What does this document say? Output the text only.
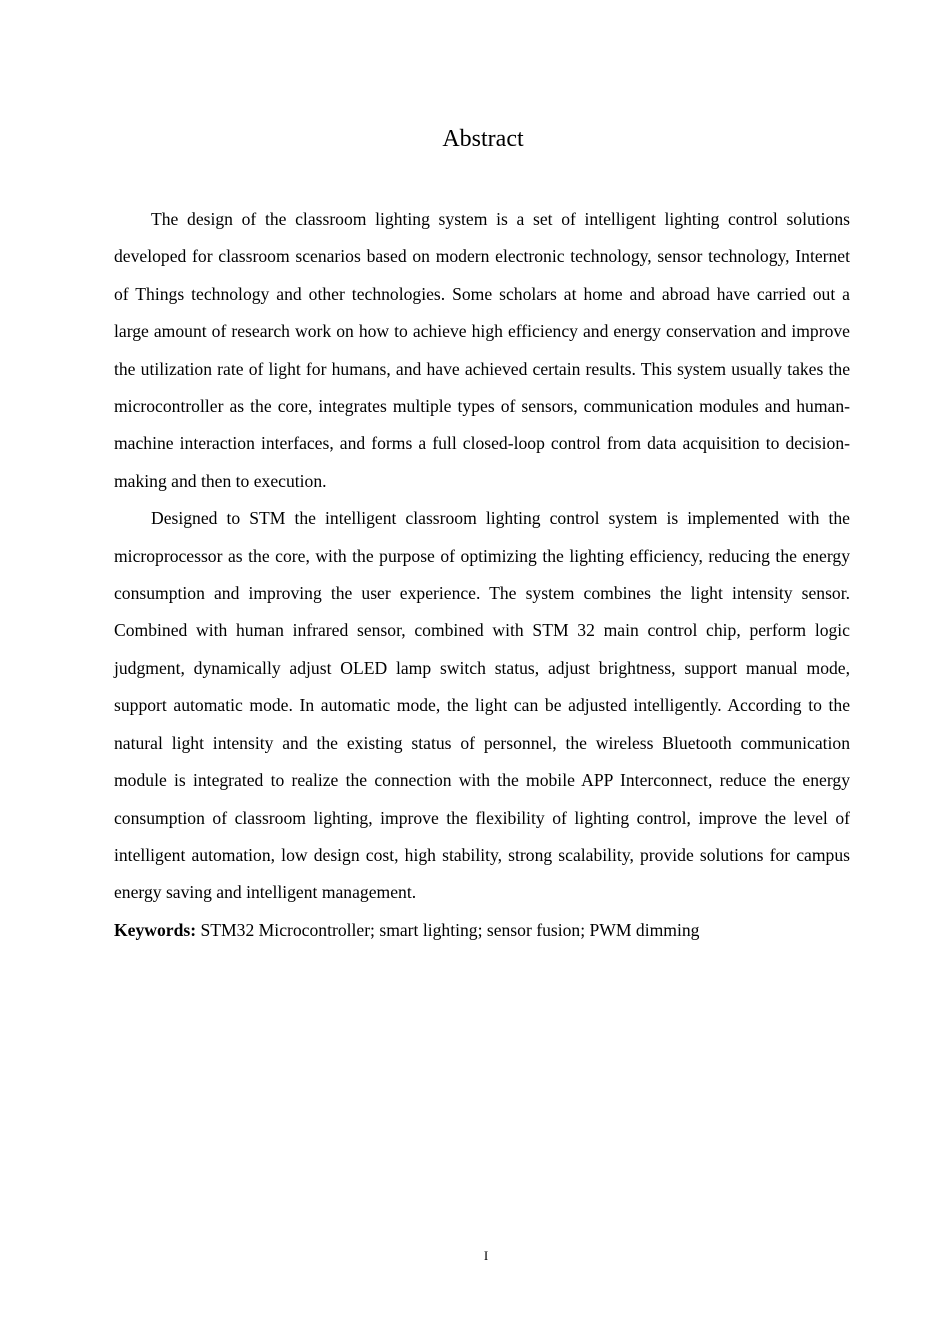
Abstract

The design of the classroom lighting system is a set of intelligent lighting control solutions developed for classroom scenarios based on modern electronic technology, sensor technology, Internet of Things technology and other technologies. Some scholars at home and abroad have carried out a large amount of research work on how to achieve high efficiency and energy conservation and improve the utilization rate of light for humans, and have achieved certain results. This system usually takes the microcontroller as the core, integrates multiple types of sensors, communication modules and human-machine interaction interfaces, and forms a full closed-loop control from data acquisition to decision-making and then to execution.

Designed to STM the intelligent classroom lighting control system is implemented with the microprocessor as the core, with the purpose of optimizing the lighting efficiency, reducing the energy consumption and improving the user experience. The system combines the light intensity sensor. Combined with human infrared sensor, combined with STM 32 main control chip, perform logic judgment, dynamically adjust OLED lamp switch status, adjust brightness, support manual mode, support automatic mode. In automatic mode, the light can be adjusted intelligently. According to the natural light intensity and the existing status of personnel, the wireless Bluetooth communication module is integrated to realize the connection with the mobile APP Interconnect, reduce the energy consumption of classroom lighting, improve the flexibility of lighting control, improve the level of intelligent automation, low design cost, high stability, strong scalability, provide solutions for campus energy saving and intelligent management.

Keywords: STM32 Microcontroller; smart lighting; sensor fusion; PWM dimming

I
